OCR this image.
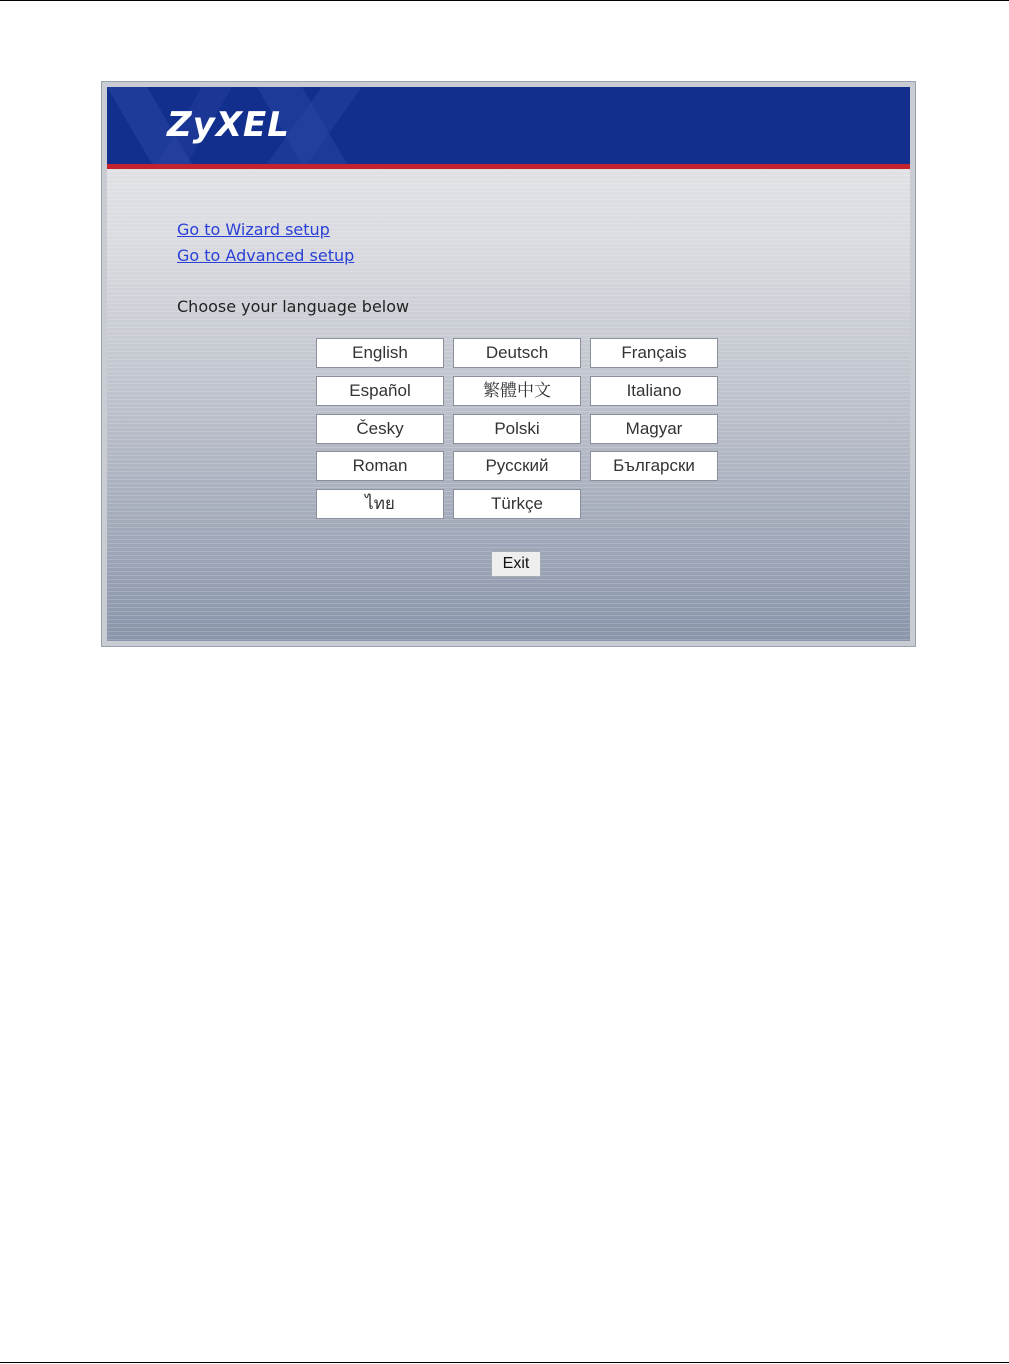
ZyXEL
Go to Wizard setup
Go to Advanced setup
Choose your language below
English	Deutsch	Français
Español	繁體中文	Italiano
Česky	Polski	Magyar
Roman	Русский	Български
ไทย	Türkçe
Exit
